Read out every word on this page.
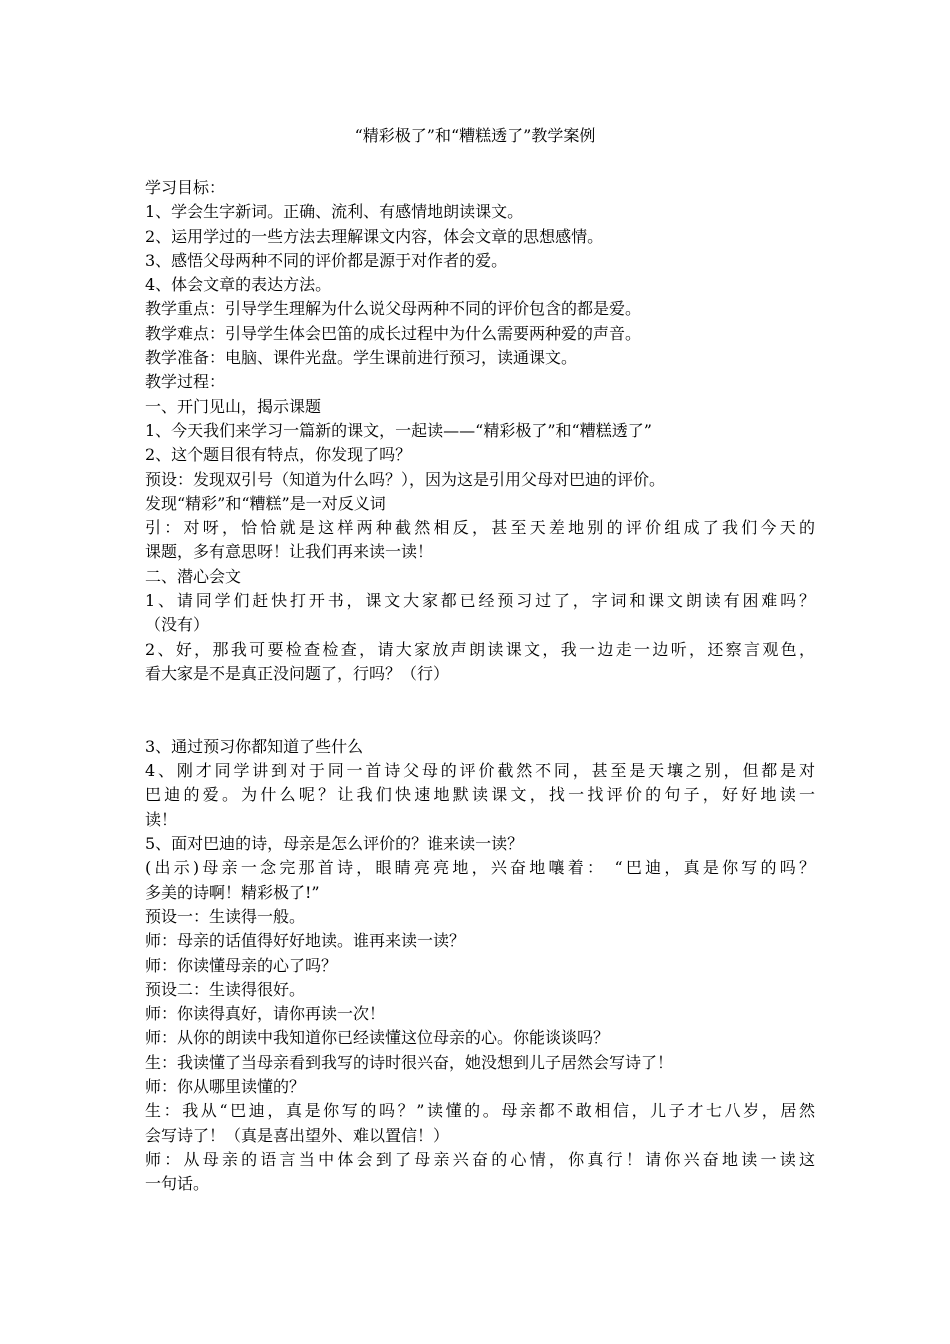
“精彩极了”和“糟糕透了”教学案例
学习目标：
1、学会生字新词。正确、流利、有感情地朗读课文。
2、运用学过的一些方法去理解课文内容，体会文章的思想感情。
3、感悟父母两种不同的评价都是源于对作者的爱。
4、体会文章的表达方法。
教学重点：引导学生理解为什么说父母两种不同的评价包含的都是爱。
教学难点：引导学生体会巴笛的成长过程中为什么需要两种爱的声音。
教学准备：电脑、课件光盘。学生课前进行预习，读通课文。
教学过程：
一、开门见山，揭示课题
1、今天我们来学习一篇新的课文，一起读——“精彩极了”和“糟糕透了”
2、这个题目很有特点，你发现了吗？
预设：发现双引号（知道为什么吗？），因为这是引用父母对巴迪的评价。
发现“精彩”和“糟糕”是一对反义词
引：对呀，恰恰就是这样两种截然相反，甚至天差地别的评价组成了我们今天的
课题，多有意思呀！让我们再来读一读！
二、潜心会文
1、请同学们赶快打开书，课文大家都已经预习过了，字词和课文朗读有困难吗？
（没有）
2、好，那我可要检查检查，请大家放声朗读课文，我一边走一边听，还察言观色，
看大家是不是真正没问题了，行吗？（行）
3、通过预习你都知道了些什么
4、刚才同学讲到对于同一首诗父母的评价截然不同，甚至是天壤之别，但都是对
巴迪的爱。为什么呢？让我们快速地默读课文，找一找评价的句子，好好地读一
读！
5、面对巴迪的诗，母亲是怎么评价的？谁来读一读？
(出示)母亲一念完那首诗，眼睛亮亮地，兴奋地嚷着： “巴迪，真是你写的吗？
多美的诗啊！精彩极了!”
预设一：生读得一般。
师：母亲的话值得好好地读。谁再来读一读？
师：你读懂母亲的心了吗？
预设二：生读得很好。
师：你读得真好，请你再读一次！
师：从你的朗读中我知道你已经读懂这位母亲的心。你能谈谈吗？
生：我读懂了当母亲看到我写的诗时很兴奋，她没想到儿子居然会写诗了！
师：你从哪里读懂的？
生：我从“巴迪，真是你写的吗？”读懂的。母亲都不敢相信，儿子才七八岁，居然
会写诗了！（真是喜出望外、难以置信！）
师：从母亲的语言当中体会到了母亲兴奋的心情，你真行！请你兴奋地读一读这
一句话。
